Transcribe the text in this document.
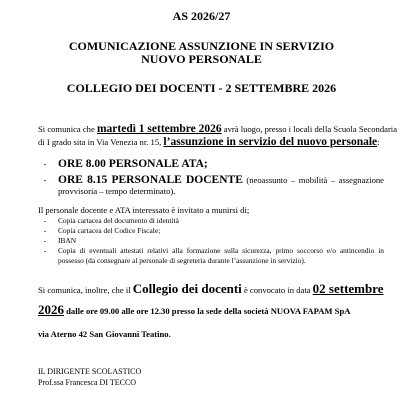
AS 2026/27
COMUNICAZIONE ASSUNZIONE IN SERVIZIO
NUOVO PERSONALE
COLLEGIO DEI DOCENTI - 2 SETTEMBRE 2026
Si comunica che martedì 1 settembre 2026 avrà luogo, presso i locali della Scuola Secondaria
di I grado sita in Via Venezia nr. 15, l’assunzione in servizio del nuovo personale:
-	ORE 8.00 PERSONALE ATA;
-	ORE 8.15 PERSONALE DOCENTE (neoassunto – mobilità – assegnazione provvisoria – tempo determinato).
Il personale docente e ATA interessato è invitato a munirsi di;
-	Copia cartacea del documento di identità
-	Copia cartacea del Codice Fiscale;
-	IBAN
-	Copia di eventuali attestati relativi alla formazione sulla sicurezza, primo soccorso e/o antincendio in possesso (da consegnare al personale di segreteria durante l’assunzione in servizio).
Si comunica, inoltre, che il Collegio dei docenti è convocato in data 02 settembre
2026 dalle ore 09.00 alle ore 12.30 presso la sede della società NUOVA FAPAM SpA
via Aterno 42 San Giovanni Teatino.
IL DIRIGENTE SCOLASTICO
Prof.ssa Francesca DI TECCO
